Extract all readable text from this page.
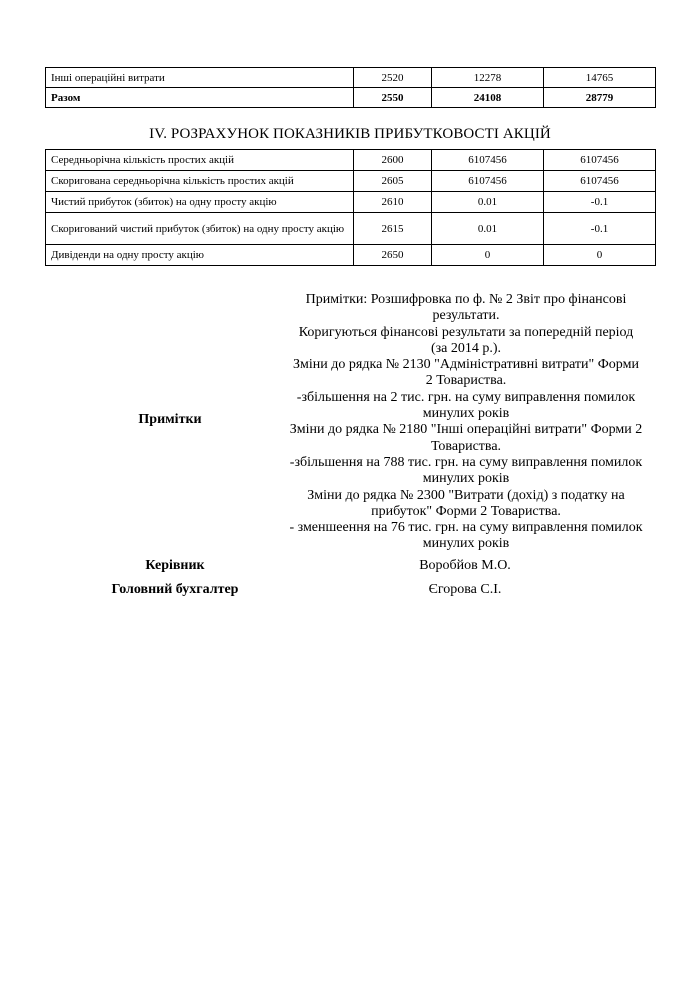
Інші операційні витрати	2520	12278	14765
Разом	2550	24108	28779
IV. РОЗРАХУНОК ПОКАЗНИКІВ ПРИБУТКОВОСТІ АКЦІЙ
Середньорічна кількість простих акцій	2600	6107456	6107456
Скоригована середньорічна кількість простих акцій	2605	6107456	6107456
Чистий прибуток (збиток) на одну просту акцію	2610	0.01	-0.1
Скоригований чистий прибуток (збиток) на одну просту акцію	2615	0.01	-0.1
Дивіденди на одну просту акцію	2650	0	0
Примітки
Примітки: Розшифровка по ф. № 2 Звіт про фінансові
результати.
Коригуються фінансові результати за попередній період
(за 2014 р.).
Зміни до рядка № 2130 "Адміністративні витрати" Форми
2 Товариства.
-збільшення на 2 тис. грн. на суму виправлення помилок
минулих років
Зміни до рядка № 2180 "Інші операційні витрати" Форми 2
Товариства.
-збільшення на 788 тис. грн. на суму виправлення помилок
минулих років
Зміни до рядка № 2300 "Витрати (дохід) з податку на
прибуток" Форми 2 Товариства.
- зменшеення на 76 тис. грн. на суму виправлення помилок
минулих років
Керівник	Воробйов М.О.
Головний бухгалтер	Єгорова С.І.
